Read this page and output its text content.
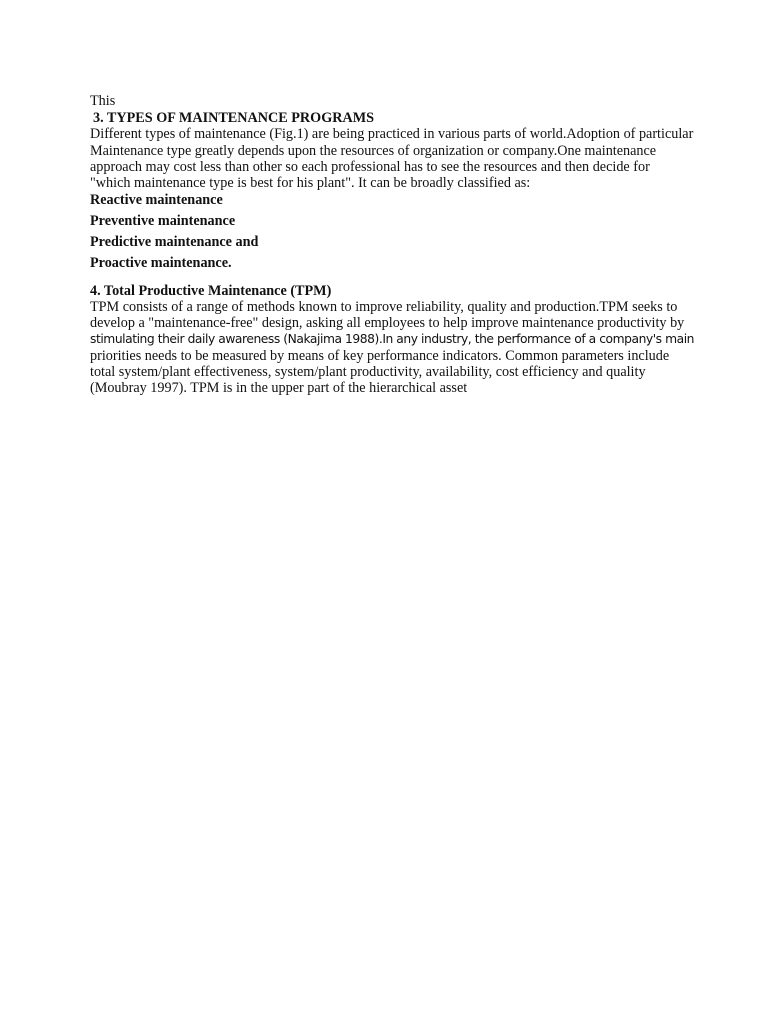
This
3. TYPES OF MAINTENANCE PROGRAMS
Different types of maintenance (Fig.1) are being practiced in various parts of world.Adoption of particular
Maintenance type greatly depends upon the resources of organization or company.One maintenance
approach may cost less than other so each professional has to see the resources and then decide for
"which maintenance type is best for his plant". It can be broadly classified as:
Reactive maintenance
Preventive maintenance
Predictive maintenance and
Proactive maintenance.
4. Total Productive Maintenance (TPM)
TPM consists of a range of methods known to improve reliability, quality and production.TPM seeks to
develop a "maintenance-free" design, asking all employees to help improve maintenance productivity by
stimulating their daily awareness (Nakajima 1988).In any industry, the performance of a company's main
priorities needs to be measured by means of key performance indicators. Common parameters include
total system/plant effectiveness, system/plant productivity, availability, cost efficiency and quality
(Moubray 1997). TPM is in the upper part of the hierarchical asset
